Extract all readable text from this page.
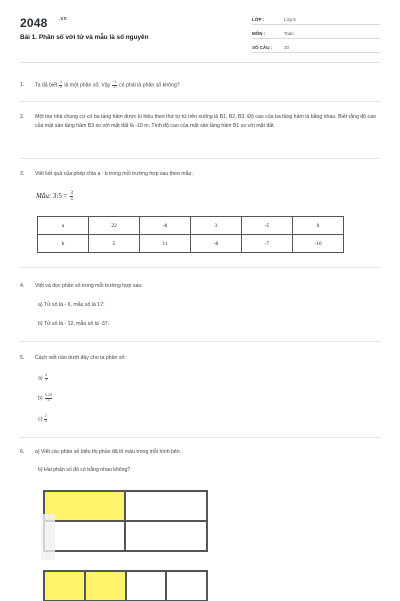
2048 .vn
Bài 1. Phân số với tử và mẫu là số nguyên
LỚP :	Lớp 6
MÔN :	Toán
SỐ CÂU :	20
1. Ta đã biết $\frac{1}{2}$ là một phân số. Vậy $\frac{-1}{2}$ có phải là phân số không?
2. Một tòa nhà chung cư có ba tầng hầm được kí hiệu theo thứ tự từ trên xuống là B1, B2, B3. Độ cao của ba tầng hầm là bằng nhau. Biết rằng độ cao của mặt sàn tầng hầm B3 so với mặt đất là -10 m. Tính độ cao của mặt sàn tầng hầm B1 so với mặt đất.
3. Viết kết quả của phép chia a : b trong mỗi trường hợp sau theo mẫu:
Mẫu: 3:5 = $\frac{3}{5}$
a	22	-8	3	-5	0
b	5	11	-8	-7	-10
4. Viết và đọc phân số trong mỗi trường hợp sau:
a) Tử số là - 6, mẫu số là 17;
b) Tử số là - 12, mẫu số là -37.
5. Cách viết nào dưới đây cho ta phân số:
$a) \frac{4}{7}$
$b) \frac{0,25}{3}$
$c) \frac{2}{0}$
6. a) Viết các phân số biểu thị phần đã tô màu trong mỗi hình bên.
b) Hai phân số đó có bằng nhau không?
